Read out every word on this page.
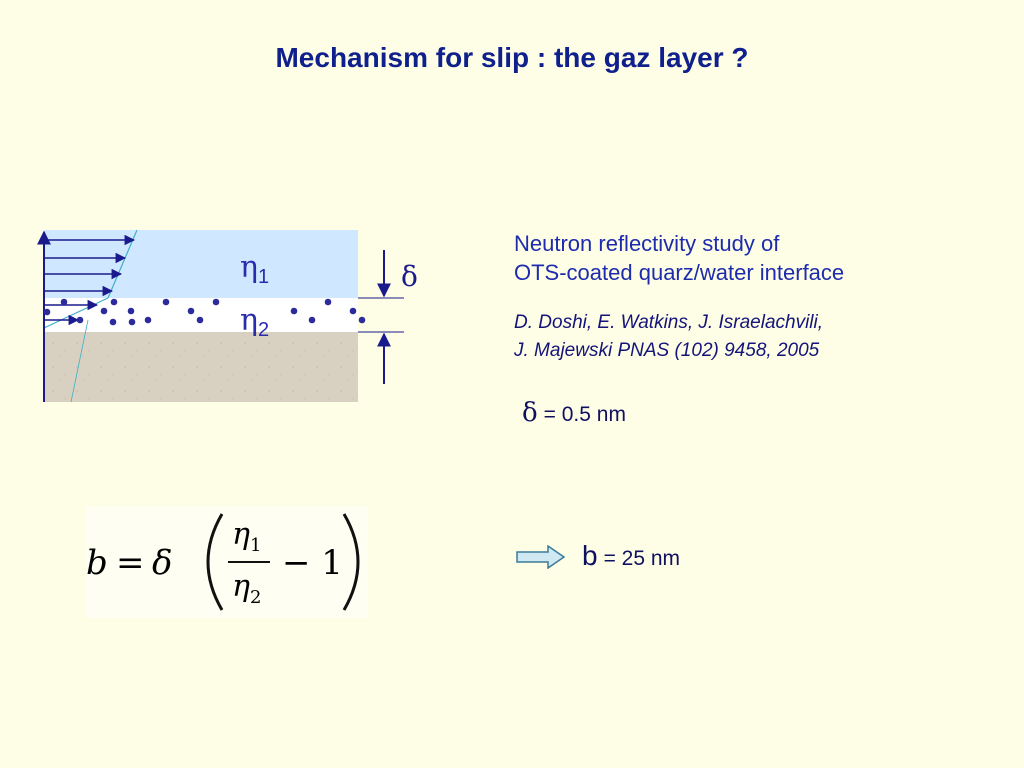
Mechanism for slip : the gaz layer ?
η1
η2
δ
Neutron reflectivity study of
OTS-coated quarz/water interface
D. Doshi, E. Watkins, J. Israelachvili,
J. Majewski PNAS (102) 9458, 2005
δ = 0.5 nm
b = δ
$\eta_1$
$\eta_2$
− 1	b = 25 nm
